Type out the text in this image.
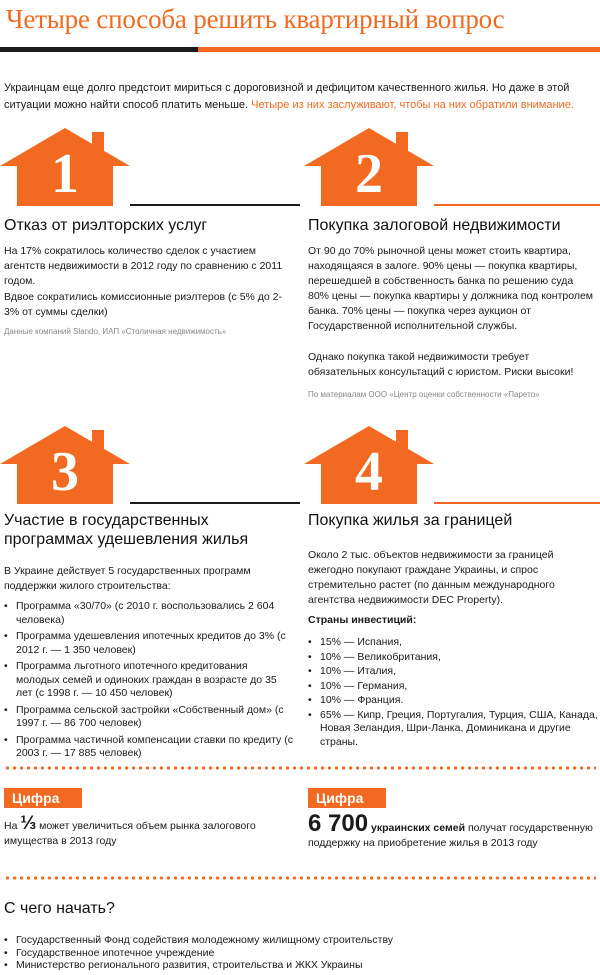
Четыре способа решить квартирный вопрос
Украинцам еще долго предстоит мириться с дороговизной и дефицитом качественного жилья. Но даже в этой ситуации можно найти способ платить меньше. Четыре из них заслуживают, чтобы на них обратили внимание.
1
Отказ от риэлторских услуг
На 17% сократилось количество сделок с участием агентств недвижимости в 2012 году по сравнению с 2011 годом.
Вдвое сократились комиссионные риэлтеров (с 5% до 2-3% от суммы сделки)
Данные компаний Slando, ИАП «Столичная недвижимость»
2
Покупка залоговой недвижимости
От 90 до 70% рыночной цены может стоить квартира, находящаяся в залоге. 90% цены — покупка квартиры, перешедшей в собственность банка по решению суда 80% цены — покупка квартиры у должника под контролем банка. 70% цены — покупка через аукцион от Государственной исполнительной службы.
Однако покупка такой недвижимости требует обязательных консультаций с юристом. Риски высоки!
По материалам ООО «Центр оценки собственности «Парето»
3
Участие в государственных
программах удешевления жилья
В Украине действует 5 государственных программ поддержки жилого строительства:
• Программа «30/70» (с 2010 г. воспользовались 2 604 человека)
• Программа удешевления ипотечных кредитов до 3% (с 2012 г. — 1 350 человек)
• Программа льготного ипотечного кредитования молодых семей и одиноких граждан в возрасте до 35 лет (с 1998 г. — 10 450 человек)
• Программа сельской застройки «Собственный дом» (с 1997 г. — 86 700 человек)
• Программа частичной компенсации ставки по кредиту (с 2003 г. — 17 885 человек)
4
Покупка жилья за границей
Около 2 тыс. объектов недвижимости за границей ежегодно покупают граждане Украины, и спрос стремительно растет (по данным международного агентства недвижимости DEC Property).
Страны инвестиций:
• 15% — Испания,
• 10% — Великобритания,
• 10% — Италия,
• 10% — Германия,
• 10% — Франция.
• 65% — Кипр, Греция, Португалия, Турция, США, Канада, Новая Зеландия, Шри-Ланка, Доминикана и другие страны.
Цифра
На ⅓ может увеличиться объем рынка залогового имущества в 2013 году
Цифра
6 700 украинских семей получат государственную поддержку на приобретение жилья в 2013 году
С чего начать?
• Государственный Фонд содействия молодежному жилищному строительству
• Государственное ипотечное учреждение
• Министерство регионального развития, строительства и ЖКХ Украины
